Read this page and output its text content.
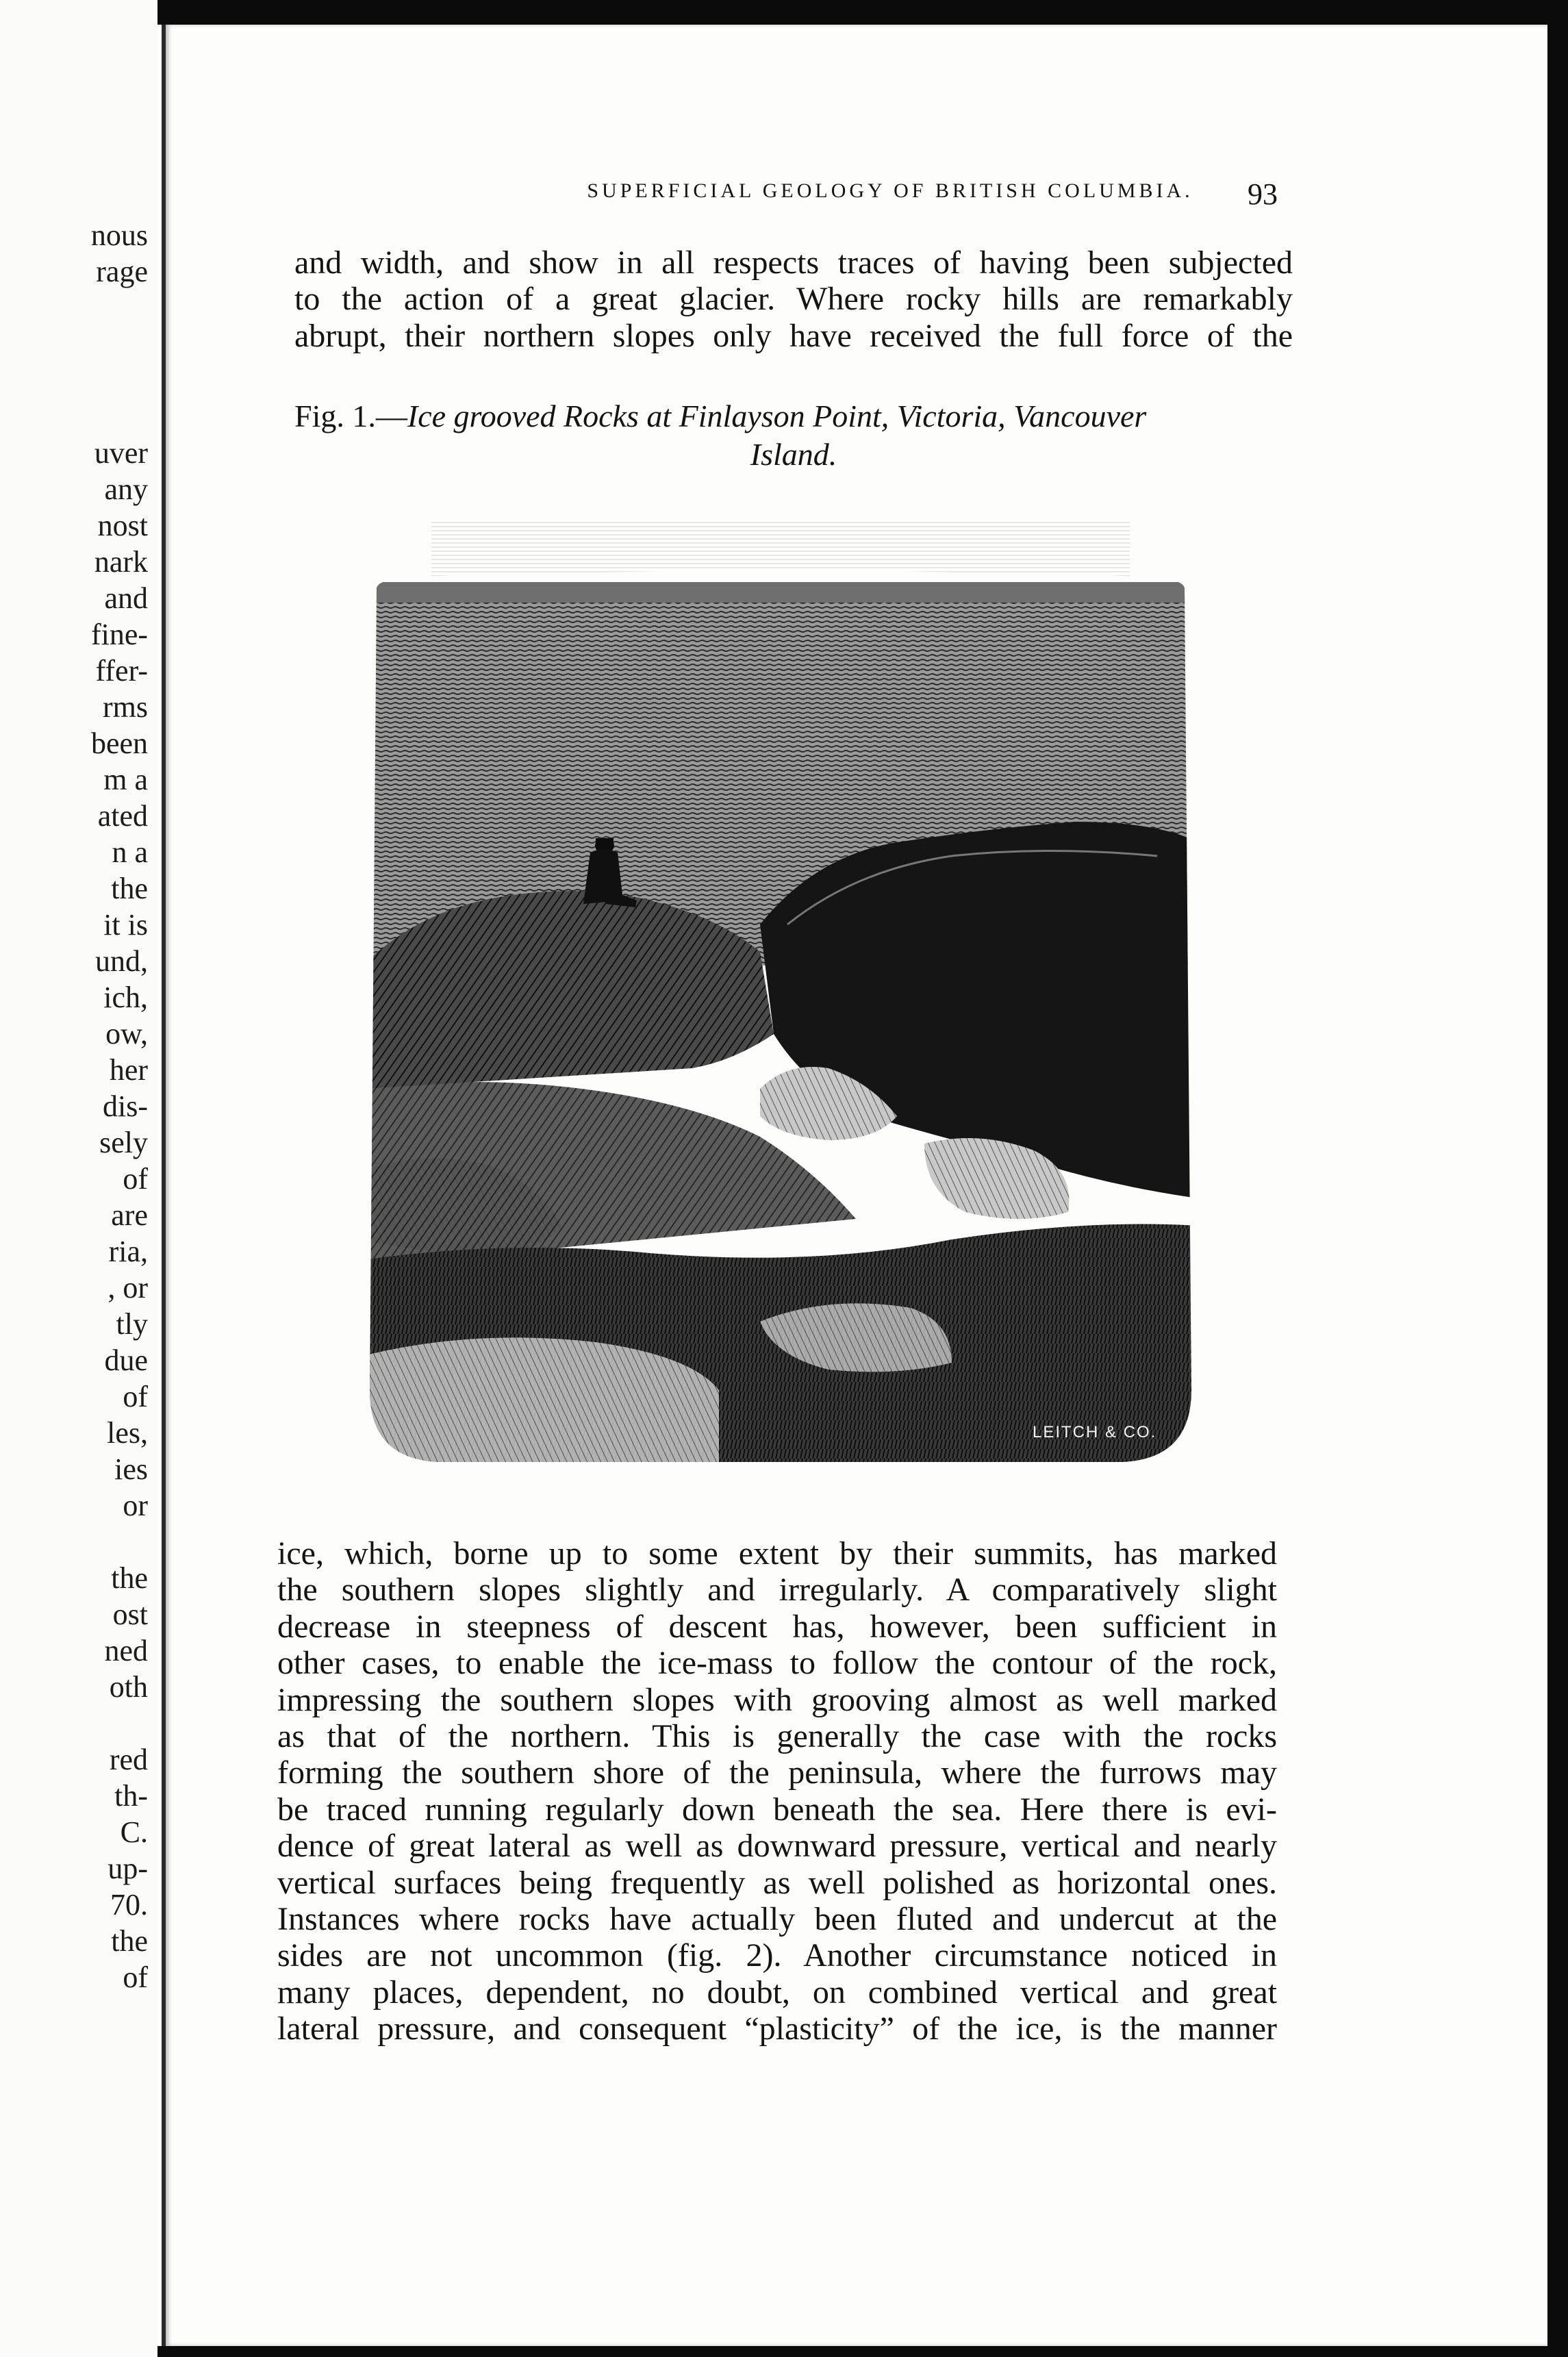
nous
rage
uver
any
nost
nark
and
fine-
ffer-
rms
been
m a
ated
n a
the
it is
und,
ich,
ow,
her
dis-
sely
of
are
ria,
, or
tly
due
of
les,
ies
or
the
ost
ned
oth
red
th-
C.
up-
70.
the
of
SUPERFICIAL GEOLOGY OF BRITISH COLUMBIA.	93
and width, and show in all respects traces of having been subjected
to the action of a great glacier. Where rocky hills are remarkably
abrupt, their northern slopes only have received the full force of the
Fig. 1.—Ice grooved Rocks at Finlayson Point, Victoria, Vancouver
Island.
LEITCH & CO.
ice, which, borne up to some extent by their summits, has marked
the southern slopes slightly and irregularly. A comparatively slight
decrease in steepness of descent has, however, been sufficient in
other cases, to enable the ice-mass to follow the contour of the rock,
impressing the southern slopes with grooving almost as well marked
as that of the northern. This is generally the case with the rocks
forming the southern shore of the peninsula, where the furrows may
be traced running regularly down beneath the sea. Here there is evi-
dence of great lateral as well as downward pressure, vertical and nearly
vertical surfaces being frequently as well polished as horizontal ones.
Instances where rocks have actually been fluted and undercut at the
sides are not uncommon (fig. 2). Another circumstance noticed in
many places, dependent, no doubt, on combined vertical and great
lateral pressure, and consequent “plasticity” of the ice, is the manner
